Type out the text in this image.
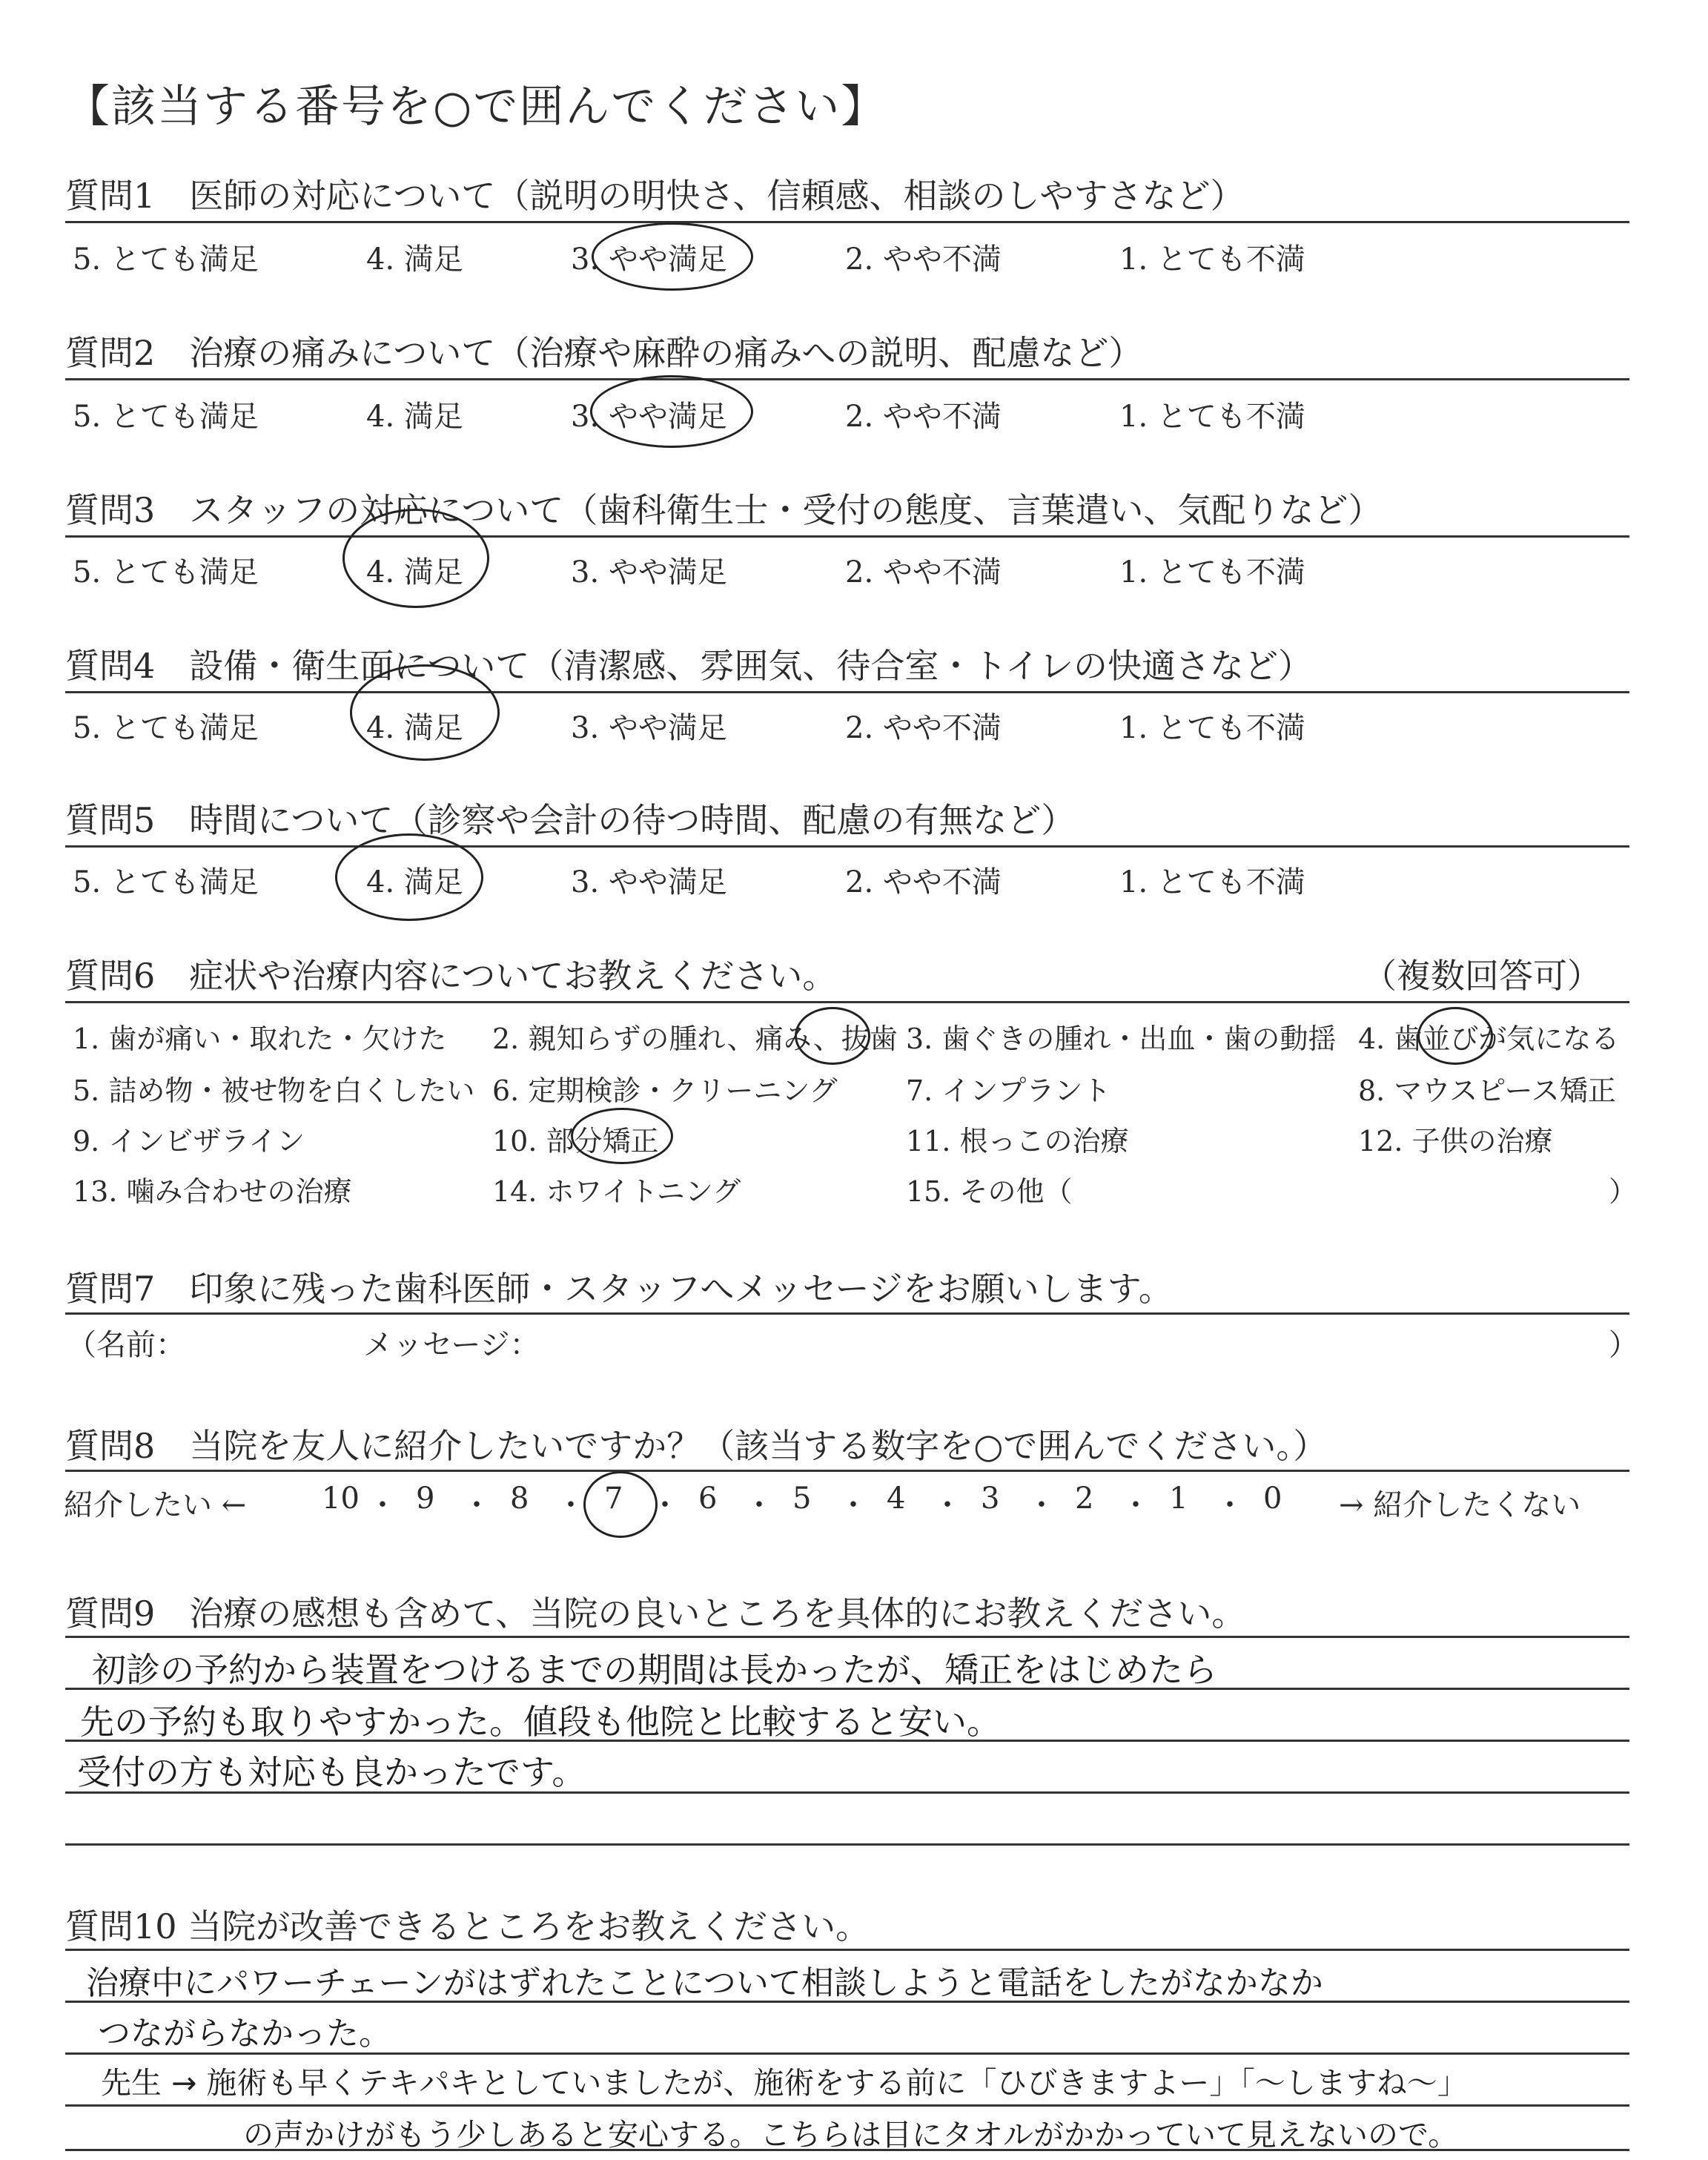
【該当する番号を○で囲んでください】
質問1　医師の対応について（説明の明快さ、信頼感、相談のしやすさなど）
5. とても満足	4. 満足	3. やや満足	2. やや不満	1. とても不満
質問2　治療の痛みについて（治療や麻酔の痛みへの説明、配慮など）
5. とても満足	4. 満足	3. やや満足	2. やや不満	1. とても不満
質問3　スタッフの対応について（歯科衛生士・受付の態度、言葉遣い、気配りなど）
5. とても満足	4. 満足	3. やや満足	2. やや不満	1. とても不満
質問4　設備・衛生面について（清潔感、雰囲気、待合室・トイレの快適さなど）
5. とても満足	4. 満足	3. やや満足	2. やや不満	1. とても不満
質問5　時間について（診察や会計の待つ時間、配慮の有無など）
5. とても満足	4. 満足	3. やや満足	2. やや不満	1. とても不満
質問6　症状や治療内容についてお教えください。	（複数回答可）
1. 歯が痛い・取れた・欠けた 2. 親知らずの腫れ、痛み、抜歯 3. 歯ぐきの腫れ・出血・歯の動揺 4. 歯並びが気になる
5. 詰め物・被せ物を白くしたい 6. 定期検診・クリーニング 7. インプラント	8. マウスピース矯正
9. インビザライン	10. 部分矯正	11. 根っこの治療	12. 子供の治療
13. 噛み合わせの治療	14. ホワイトニング	15. その他（	）
質問7　印象に残った歯科医師・スタッフへメッセージをお願いします。
（名前：	メッセージ：	）
質問8　当院を友人に紹介したいですか？（該当する数字を○で囲んでください。）
紹介したい ←	→ 紹介したくない
10 ・ 9 ・ 8 ・ 7 ・ 6 ・ 5 ・ 4 ・ 3 ・ 2 ・ 1 ・ 0
質問9　治療の感想も含めて、当院の良いところを具体的にお教えください。
初診の予約から装置をつけるまでの期間は長かったが、矯正をはじめたら
先の予約も取りやすかった。値段も他院と比較すると安い。
受付の方も対応も良かったです。
質問10 当院が改善できるところをお教えください。
治療中にパワーチェーンがはずれたことについて相談しようと電話をしたがなかなか
つながらなかった。
先生 → 施術も早くテキパキとしていましたが、施術をする前に「ひびきますよー」「～しますね～」
の声かけがもう少しあると安心する。こちらは目にタオルがかかっていて見えないので。
